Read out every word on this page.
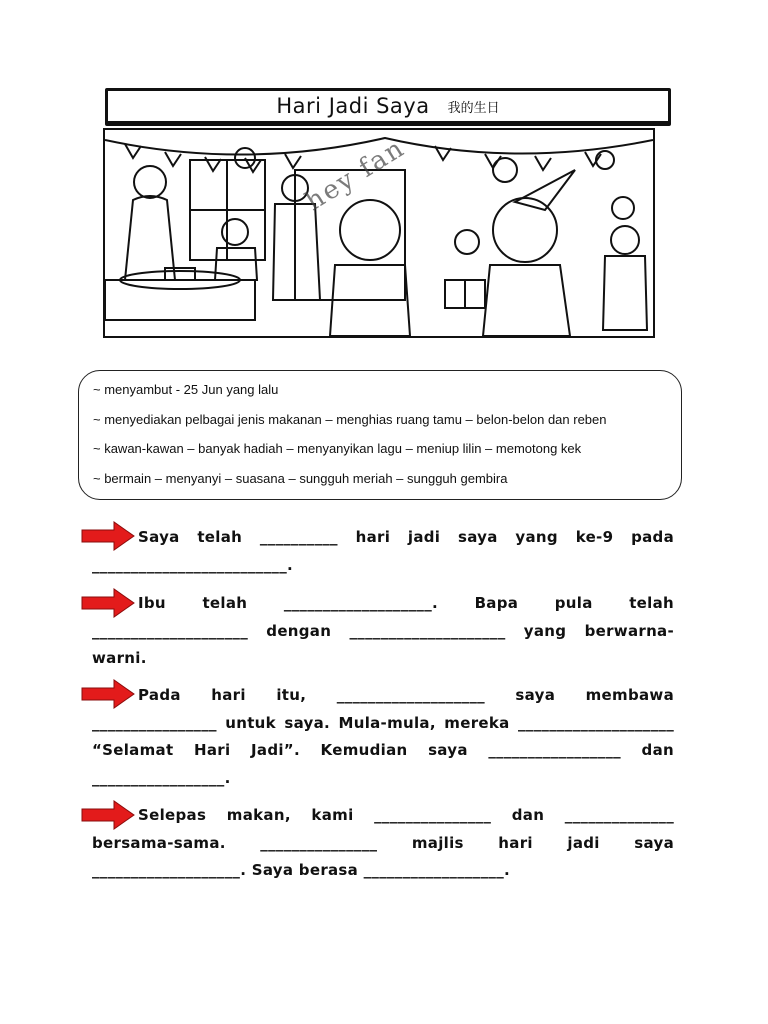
Hari Jadi Saya 我的生日
hey fan
~ menyambut - 25 Jun yang lalu
~ menyediakan pelbagai jenis makanan – menghias ruang tamu – belon-belon dan reben
~ kawan-kawan – banyak hadiah – menyanyikan lagu – meniup lilin – memotong kek
~ bermain – menyanyi – suasana – sungguh meriah – sungguh gembira
Saya telah __________ hari jadi saya yang ke-9 pada _________________________.
Ibu telah ___________________. Bapa pula telah ____________________ dengan ____________________ yang berwarna-warni.
Pada hari itu, ___________________ saya membawa ________________ untuk saya. Mula-mula, mereka ____________________ “Selamat Hari Jadi”. Kemudian saya _________________ dan _________________.
Selepas makan, kami _______________ dan ______________ bersama-sama. _______________ majlis hari jadi saya ___________________. Saya berasa __________________.
